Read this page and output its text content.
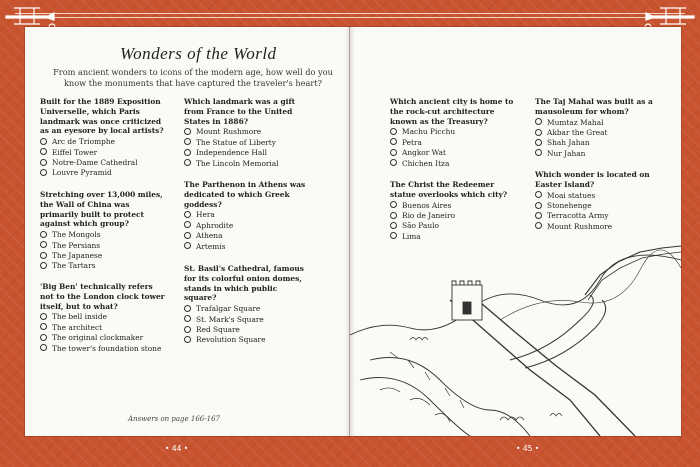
Wonders of the World
From ancient wonders to icons of the modern age, how well do you know the monuments that have captured the traveler's heart?
Built for the 1889 Exposition Universelle, which Paris landmark was once criticized as an eyesore by local artists?
Arc de Triomphe
Eiffel Tower
Notre-Dame Cathedral
Louvre Pyramid
Stretching over 13,000 miles, the Wall of China was primarily built to protect against which group?
The Mongols
The Persians
The Japanese
The Tartars
'Big Ben' technically refers not to the London clock tower itself, but to what?
The bell inside
The architect
The original clockmaker
The tower's foundation stone
Which landmark was a gift from France to the United States in 1886?
Mount Rushmore
The Statue of Liberty
Independence Hall
The Lincoln Memorial
The Parthenon in Athens was dedicated to which Greek goddess?
Hera
Aphrodite
Athena
Artemis
St. Basil's Cathedral, famous for its colorful onion domes, stands in which public square?
Trafalgar Square
St. Mark's Square
Red Square
Revolution Square
Which ancient city is home to the rock-cut architecture known as the Treasury?
Machu Picchu
Petra
Angkor Wat
Chichen Itza
The Christ the Redeemer statue overlooks which city?
Buenos Aires
Rio de Janeiro
São Paulo
Lima
The Taj Mahal was built as a mausoleum for whom?
Mumtaz Mahal
Akbar the Great
Shah Jahan
Nur Jahan
Which wonder is located on Easter Island?
Moai statues
Stonehenge
Terracotta Army
Mount Rushmore
Answers on page 166-167
• 44 •	• 45 •
